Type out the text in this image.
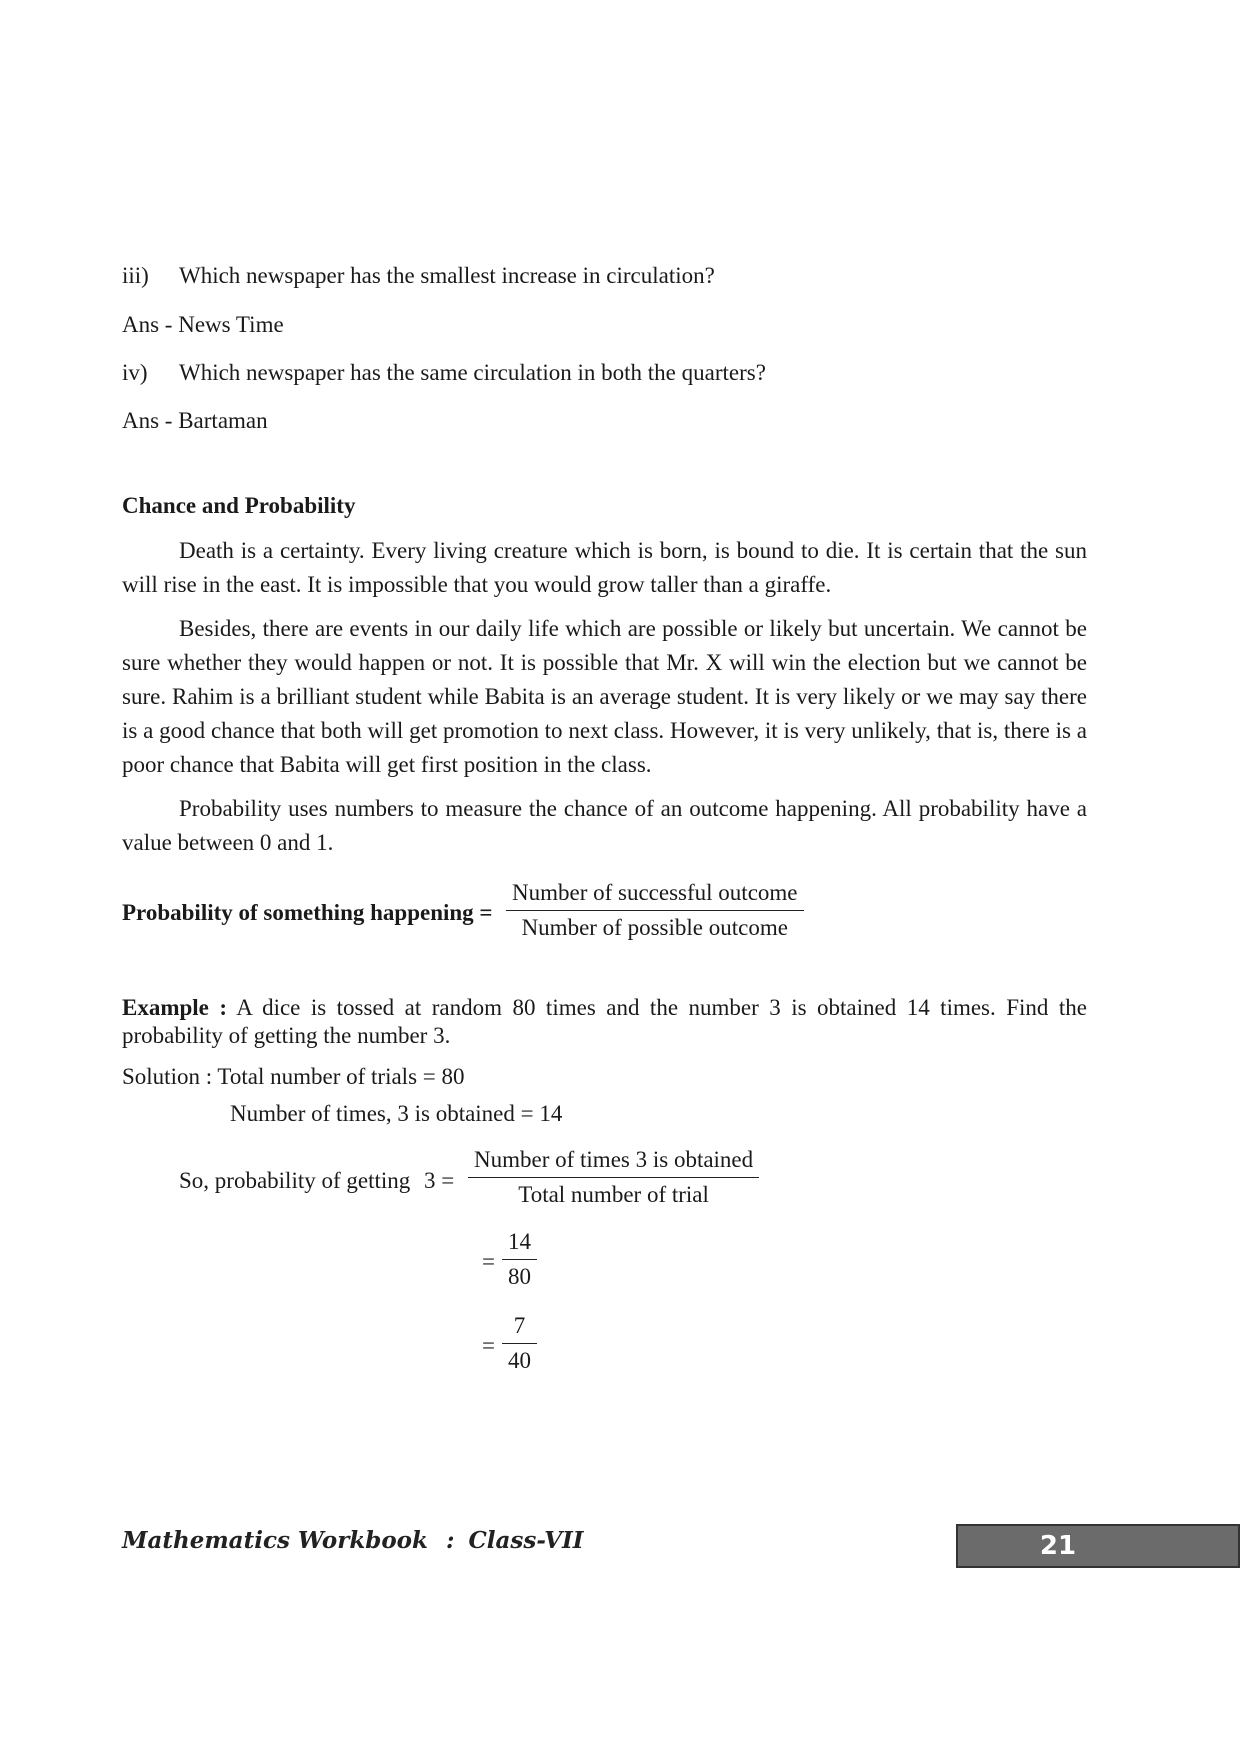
iii) Which newspaper has the smallest increase in circulation?
Ans - News Time
iv) Which newspaper has the same circulation in both the quarters?
Ans - Bartaman
Chance and Probability

Death is a certainty. Every living creature which is born, is bound to die. It is certain that the sun will rise in the east. It is impossible that you would grow taller than a giraffe.

Besides, there are events in our daily life which are possible or likely but uncertain. We cannot be sure whether they would happen or not. It is possible that Mr. X will win the election but we cannot be sure. Rahim is a brilliant student while Babita is an average student. It is very likely or we may say there is a good chance that both will get promotion to next class. However, it is very unlikely, that is, there is a poor chance that Babita will get first position in the class.

Probability uses numbers to measure the chance of an outcome happening. All probability have a value between 0 and 1.

Probability of something happening =
Number of successful outcome
Number of possible outcome

Example : A dice is tossed at random 80 times and the number 3 is obtained 14 times. Find the probability of getting the number 3.

Solution : Total number of trials = 80
Number of times, 3 is obtained = 14
So, probability of getting 3 =
Number of times 3 is obtained
Total number of trial
= $\frac{14}{80}$
= $\frac{7}{40}$
Mathematics Workbook : Class-VII	21
